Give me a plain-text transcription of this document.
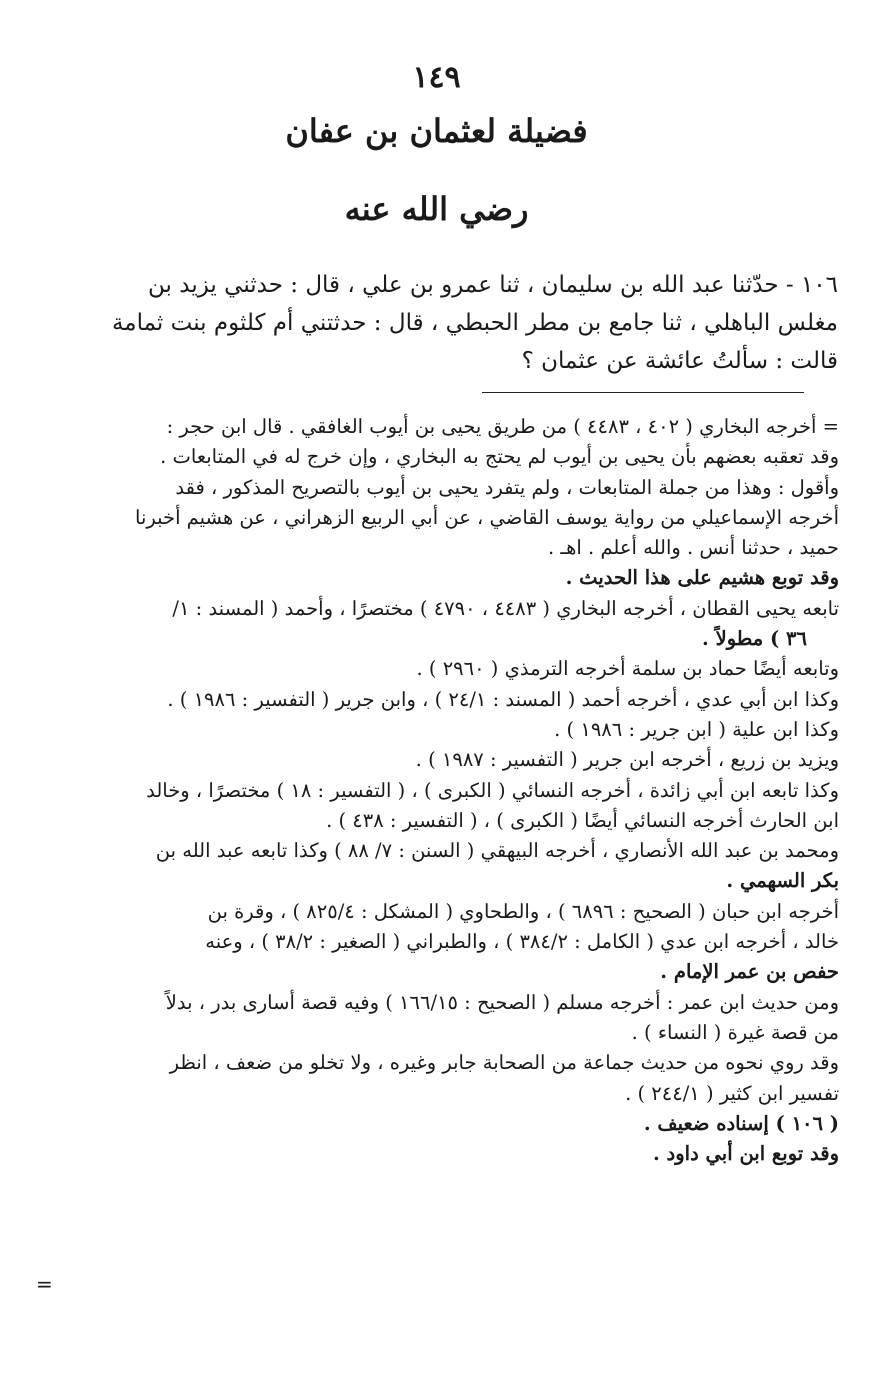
١٤٩
فضيلة لعثمان بن عفان
رضي الله عنه
١٠٦ - حدّثنا عبد الله بن سليمان ، ثنا عمرو بن علي ، قال : حدثني يزيد بن
مغلس الباهلي ، ثنا جامع بن مطر الحبطي ، قال : حدثتني أم كلثوم بنت ثمامة
قالت : سألتُ عائشة عن عثمان ؟
= أخرجه البخاري ( ٤٠٢ ، ٤٤٨٣ ) من طريق يحيى بن أيوب الغافقي . قال ابن حجر :
وقد تعقبه بعضهم بأن يحيى بن أيوب لم يحتج به البخاري ، وإن خرج له في المتابعات .
وأقول : وهذا من جملة المتابعات ، ولم يتفرد يحيى بن أيوب بالتصريح المذكور ، فقد
أخرجه الإسماعيلي من رواية يوسف القاضي ، عن أبي الربيع الزهراني ، عن هشيم أخبرنا
حميد ، حدثنا أنس . والله أعلم . اهـ .
وقد توبع هشيم على هذا الحديث .
تابعه يحيى القطان ، أخرجه البخاري ( ٤٤٨٣ ، ٤٧٩٠ ) مختصرًا ، وأحمد ( المسند : ١/
٣٦ ) مطولاً .
وتابعه أيضًا حماد بن سلمة أخرجه الترمذي ( ٢٩٦٠ ) .
وكذا ابن أبي عدي ، أخرجه أحمد ( المسند : ٢٤/١ ) ، وابن جرير ( التفسير : ١٩٨٦ ) .
وكذا ابن علية ( ابن جرير : ١٩٨٦ ) .
ويزيد بن زريع ، أخرجه ابن جرير ( التفسير : ١٩٨٧ ) .
وكذا تابعه ابن أبي زائدة ، أخرجه النسائي ( الكبرى ) ، ( التفسير : ١٨ ) مختصرًا ، وخالد
ابن الحارث أخرجه النسائي أيضًا ( الكبرى ) ، ( التفسير : ٤٣٨ ) .
ومحمد بن عبد الله الأنصاري ، أخرجه البيهقي ( السنن : ٧/ ٨٨ ) وكذا تابعه عبد الله بن
بكر السهمي .
أخرجه ابن حبان ( الصحيح : ٦٨٩٦ ) ، والطحاوي ( المشكل : ٨٢٥/٤ ) ، وقرة بن
خالد ، أخرجه ابن عدي ( الكامل : ٣٨٤/٢ ) ، والطبراني ( الصغير : ٣٨/٢ ) ، وعنه
حفص بن عمر الإمام .
ومن حديث ابن عمر : أخرجه مسلم ( الصحيح : ١٦٦/١٥ ) وفيه قصة أسارى بدر ، بدلاً
من قصة غيرة ( النساء ) .
وقد روي نحوه من حديث جماعة من الصحابة جابر وغيره ، ولا تخلو من ضعف ، انظر
تفسير ابن كثير ( ٢٤٤/١ ) .
( ١٠٦ ) إسناده ضعيف .
وقد توبع ابن أبي داود .
=
